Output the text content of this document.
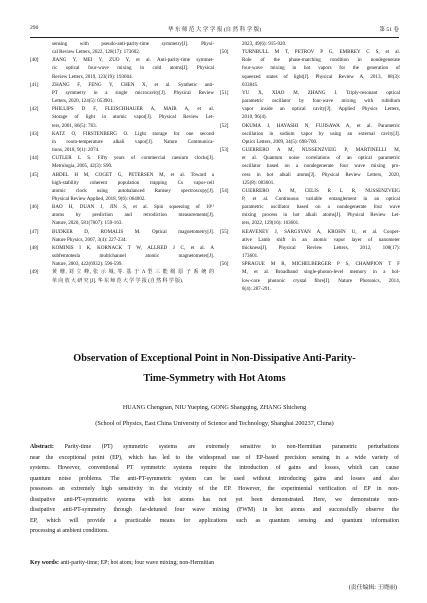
290	华 东 师 范 大 学 学 报 (自 然 科 学 版)	第 51 卷
sensing with pseudo-anti-parity-time symmetry[J]. Physi-
cal Review Letters, 2022, 128(17): 173602.
[40]	JIANG Y, MEI Y, ZUO Y, et al. Anti-parity-time symmet-
ric optical four-wave mixing in cold atoms[J]. Physical
Review Letters, 2019, 123(19): 193604.
[41]	ZHANG F, FENG Y, CHEN X, et al. Synthetic anti-
PT symmetry in a single microcavity[J]. Physical Review
Letters, 2020, 124(5): 053901.
[42]	PHILLIPS D F, FLEISCHHAUER A, MAIR A, et al.
Storage of light in atomic vapor[J]. Physical Review Let-
ters, 2001, 86(5): 783.
[43]	KATZ O, FIRSTENBERG O. Light storage for one second
in room-temperature alkali vapor[J]. Nature Communica-
tions, 2018, 9(1): 2074.
[44]	CUTLER L S. Fifty years of commercial caesium clocks[J].
Metrologia, 2005, 42(3): S90.
[45]	ABDEL H M, COGET G, PETERSEN M, et al. Toward a
high-stability coherent population trapping Cs vapor-cell
atomic clock using autobalanced Ramsey spectroscopy[J].
Physical Review Applied, 2018, 9(6): 064002.
[46]	BAO H, DUAN J, JIN S, et al. Spin squeezing of 10¹¹
atoms by prediction and retrodiction measurements[J].
Nature, 2020, 581(7807): 159-163.
[47]	BUDKER D, ROMALIS M. Optical magnetometry[J].
Nature Physics, 2007, 3(4): 227-234.
[48]	KOMINIS I K, KORNACK T W, ALLRED J C, et al. A
subfemtotesla multichannel atomic magnetometer[J].
Nature, 2003, 422(6932): 596-599.
[49]	黄 珊, 刘 立 峰, 张 示 城, 等. 基 于 Λ 型 三 能 级 原 子 系 统 的
单 向 放 大 研 究 [J]. 华 东 师 范 大 学 学 报 (自 然 科 学 版),
2023, 49(6): 915-920.
[50]	TURNBULL M T, PETROV P G, EMBREY C S, et al.
Role of the phase-matching condition in nondegenerate
four-wave mixing in hot vapors for the generation of
squeezed states of light[J]. Physical Review A, 2013, 88(3):
033845.
[51]	YU X, XIAO M, ZHANG J. Triply-resonant optical
parametric oscillator by four-wave mixing with rubidium
vapor inside an optical cavity[J]. Applied Physics Letters,
2010, 96(4).
[52]	OKUMA J, HAYASHI N, FUJISAWA A, et al. Parametric
oscillation in sodium vapor by using an external cavity[J].
Optics Letters, 2009, 34(5): 698-700.
[53]	GUERRERO A M, NUSSENZVEIG P, MARTINELLI M,
et al. Quantum noise correlations of an optical parametric
oscillator based on a nondegenerate four wave mixing pro-
cess in hot alkali atoms[J]. Physical Review Letters, 2020,
125(8): 083601.
[54]	GUERRERO A M, CELIS R L R, NUSSENZVEIG
P, et al. Continuous variable entanglement in an optical
parametric oscillator based on a nondegenerate four wave
mixing process in hot alkali atoms[J]. Physical Review Let-
ters, 2022, 129(16): 163601.
[55]	KEAVENEY J, SARGSYAN A, KROHN U, et al. Cooper-
ative Lamb shift in an atomic vapor layer of nanometer
thickness[J]. Physical Review Letters, 2012, 108(17):
173601.
[56]	SPRAGUE M R, MICHELBERGER P S, CHAMPION T F
M, et al. Broadband single-photon-level memory in a hol-
low-core photonic crystal fibre[J]. Nature Photonics, 2014,
8(4): 287-291.
Observation of Exceptional Point in Non-Dissipative Anti-Parity-
Time-Symmetry with Hot Atoms
HUANG Chengnan, NIU Yueping, GONG Shangqing, ZHANG Shicheng
(School of Physics, East China University of Science and Technology, Shanghai 200237, China)
Abstract: Parity-time (PT) symmetric systems are extremely sensitive to non-Hermitian parametric perturbations
near the exceptional point (EP), which has led to the widespread use of EP-based precision sensing in a wide variety of
systems. However, conventional PT symmetric systems require the introduction of gains and losses, which can cause
quantum noise problems. The anti-PT-symmetric system can be used without introducing gains and losses and also
possesses an extremely high sensitivity in the vicinity of the EP. However, the experimental verification of EP in non-
dissipative anti-PT-symmetric systems with hot atoms has not yet been demonstrated. Here, we demonstrate non-
dissipative anti-PT-symmetry through far-detuned four wave mixing (FWM) in hot atoms and successfully observe the
EP, which will provide a practicable means for applications such as quantum sensing and quantum information
processing at ambient conditions.
Key words: anti-parity-time; EP; hot atom; four wave mixing; non-Hermitian
(责任编辑: 王晓丽)
